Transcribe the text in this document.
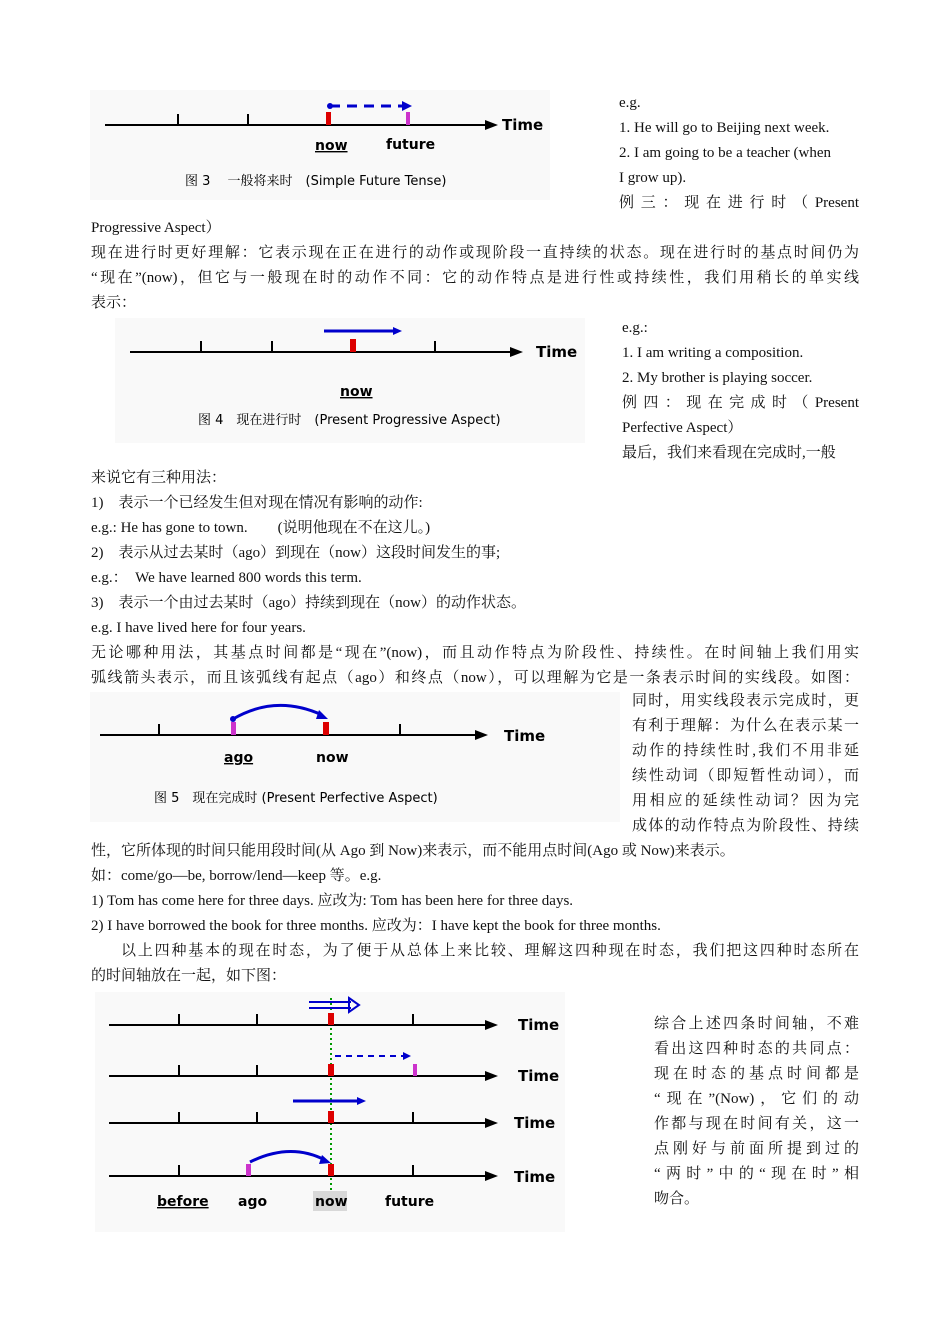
Time
now	future
图 3　 一般将来时　(Simple Future Tense)
e.g.
1. He will go to Beijing next week.
2. I am going to be a teacher (when
I grow up).
例 三 ： 现 在 进 行 时 （ Present
Progressive Aspect）
现在进行时更好理解：它表示现在正在进行的动作或现阶段一直持续的状态。现在进行时的基点时间仍为
“现在”(now)，但它与一般现在时的动作不同：它的动作特点是进行性或持续性，我们用稍长的单实线
表示：
Time
now
图 4　现在进行时　(Present Progressive Aspect)
e.g.:
1. I am writing a composition.
2. My brother is playing soccer.
例 四 ： 现 在 完 成 时 （ Present
Perfective Aspect）
最后，我们来看现在完成时,一般
来说它有三种用法：
1)　表示一个已经发生但对现在情况有影响的动作:
e.g.: He has gone to town.　　(说明他现在不在这儿。)
2)　表示从过去某时（ago）到现在（now）这段时间发生的事;
e.g.：　We have learned 800 words this term.
3)　表示一个由过去某时（ago）持续到现在（now）的动作状态。
e.g. I have lived here for four years.
无论哪种用法，其基点时间都是“现在”(now)，而且动作特点为阶段性、持续性。在时间轴上我们用实
弧线箭头表示，而且该弧线有起点（ago）和终点（now），可以理解为它是一条表示时间的实线段。如图：
Time
ago	now
图 5　现在完成时 (Present Perfective Aspect)
同时，用实线段表示完成时，更
有利于理解：为什么在表示某一
动作的持续性时,我们不用非延
续性动词（即短暂性动词），而
用相应的延续性动词？因为完
成体的动作特点为阶段性、持续
性，它所体现的时间只能用段时间(从 Ago 到 Now)来表示，而不能用点时间(Ago 或 Now)来表示。
如：come/go—be, borrow/lend—keep 等。e.g.
1) Tom has come here for three days. 应改为: Tom has been here for three days.
2) I have borrowed the book for three months. 应改为：I have kept the book for three months.
以上四种基本的现在时态，为了便于从总体上来比较、理解这四种现在时态，我们把这四种时态所在
的时间轴放在一起，如下图：
Time
Time
Time
Time
before ago	now	future
综合上述四条时间轴，不难
看出这四种时态的共同点：
现在时态的基点时间都是
“现在”(Now)，它们的动
作都与现在时间有关，这一
点刚好与前面所提到过的
“两时”中的“现在时”相
吻合。
